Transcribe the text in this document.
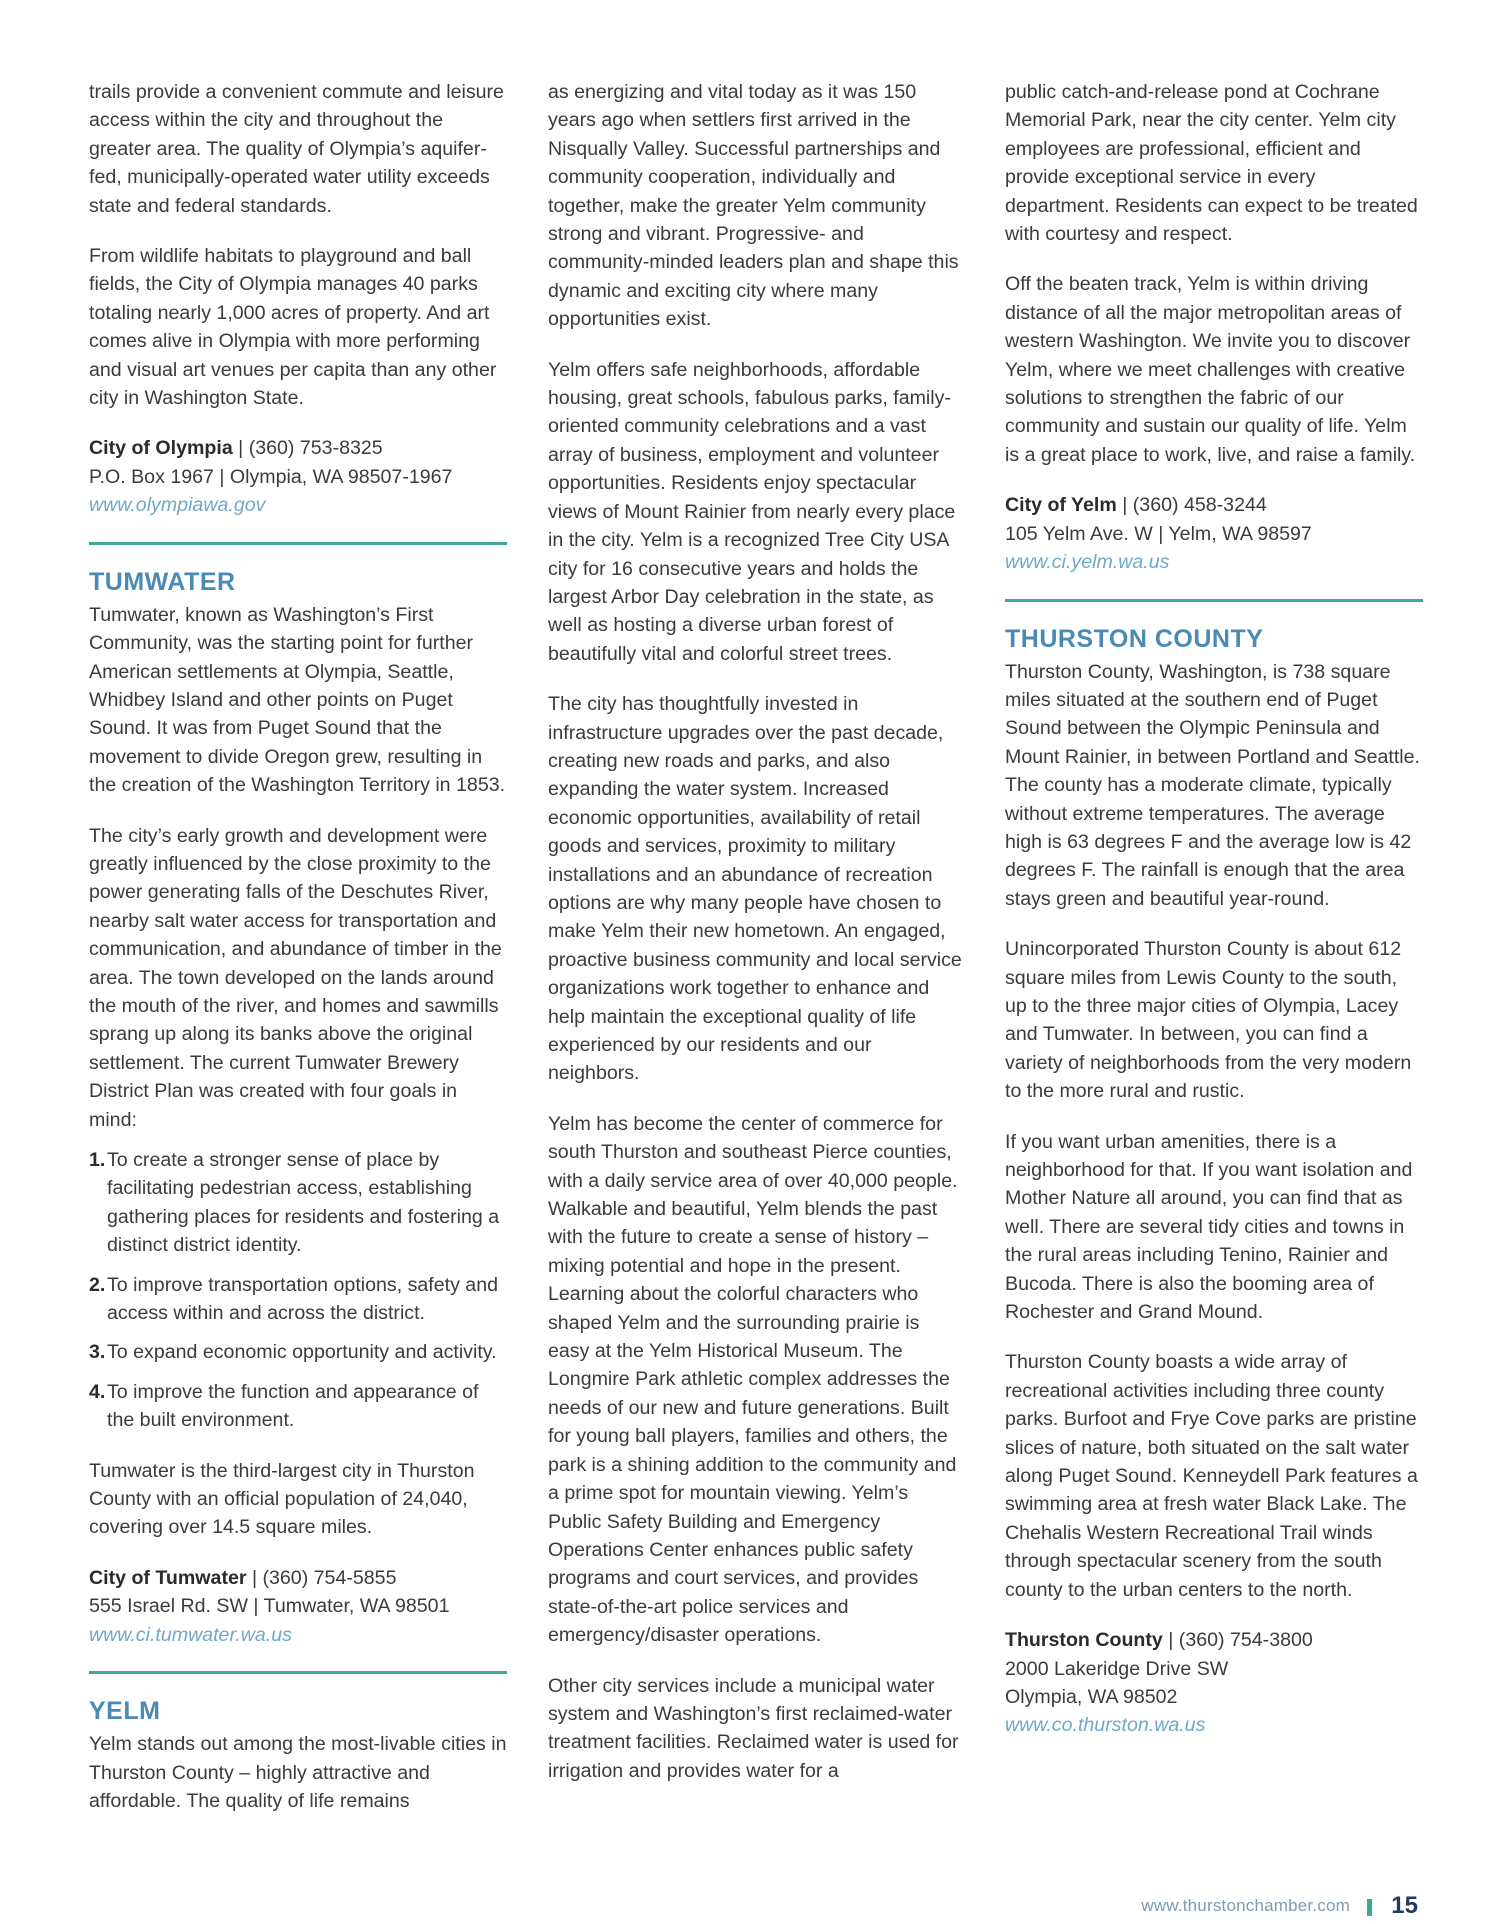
trails provide a convenient commute and leisure access within the city and throughout the greater area. The quality of Olympia’s aquifer-fed, municipally-operated water utility exceeds state and federal standards.

From wildlife habitats to playground and ball fields, the City of Olympia manages 40 parks totaling nearly 1,000 acres of property. And art comes alive in Olympia with more performing and visual art venues per capita than any other city in Washington State.

City of Olympia | (360) 753-8325
P.O. Box 1967 | Olympia, WA 98507-1967
www.olympiawa.gov
TUMWATER

Tumwater, known as Washington’s First Community, was the starting point for further American settlements at Olympia, Seattle, Whidbey Island and other points on Puget Sound. It was from Puget Sound that the movement to divide Oregon grew, resulting in the creation of the Washington Territory in 1853.

The city’s early growth and development were greatly influenced by the close proximity to the power generating falls of the Deschutes River, nearby salt water access for transportation and communication, and abundance of timber in the area. The town developed on the lands around the mouth of the river, and homes and sawmills sprang up along its banks above the original settlement. The current Tumwater Brewery District Plan was created with four goals in mind:

1. To create a stronger sense of place by facilitating pedestrian access, establishing gathering places for residents and fostering a distinct district identity.
2. To improve transportation options, safety and access within and across the district.
3. To expand economic opportunity and activity.
4. To improve the function and appearance of the built environment.

Tumwater is the third-largest city in Thurston County with an official population of 24,040, covering over 14.5 square miles.

City of Tumwater | (360) 754-5855
555 Israel Rd. SW | Tumwater, WA 98501
www.ci.tumwater.wa.us
YELM

Yelm stands out among the most-livable cities in Thurston County – highly attractive and affordable. The quality of life remains

as energizing and vital today as it was 150 years ago when settlers first arrived in the Nisqually Valley. Successful partnerships and community cooperation, individually and together, make the greater Yelm community strong and vibrant. Progressive- and community-minded leaders plan and shape this dynamic and exciting city where many opportunities exist.

Yelm offers safe neighborhoods, affordable housing, great schools, fabulous parks, family-oriented community celebrations and a vast array of business, employment and volunteer opportunities. Residents enjoy spectacular views of Mount Rainier from nearly every place in the city. Yelm is a recognized Tree City USA city for 16 consecutive years and holds the largest Arbor Day celebration in the state, as well as hosting a diverse urban forest of beautifully vital and colorful street trees.

The city has thoughtfully invested in infrastructure upgrades over the past decade, creating new roads and parks, and also expanding the water system. Increased economic opportunities, availability of retail goods and services, proximity to military installations and an abundance of recreation options are why many people have chosen to make Yelm their new hometown. An engaged, proactive business community and local service organizations work together to enhance and help maintain the exceptional quality of life experienced by our residents and our neighbors.

Yelm has become the center of commerce for south Thurston and southeast Pierce counties, with a daily service area of over 40,000 people. Walkable and beautiful, Yelm blends the past with the future to create a sense of history – mixing potential and hope in the present. Learning about the colorful characters who shaped Yelm and the surrounding prairie is easy at the Yelm Historical Museum. The Longmire Park athletic complex addresses the needs of our new and future generations. Built for young ball players, families and others, the park is a shining addition to the community and a prime spot for mountain viewing. Yelm’s Public Safety Building and Emergency Operations Center enhances public safety programs and court services, and provides state-of-the-art police services and emergency/disaster operations.

Other city services include a municipal water system and Washington’s first reclaimed-water treatment facilities. Reclaimed water is used for irrigation and provides water for a

public catch-and-release pond at Cochrane Memorial Park, near the city center. Yelm city employees are professional, efficient and provide exceptional service in every department. Residents can expect to be treated with courtesy and respect.

Off the beaten track, Yelm is within driving distance of all the major metropolitan areas of western Washington. We invite you to discover Yelm, where we meet challenges with creative solutions to strengthen the fabric of our community and sustain our quality of life. Yelm is a great place to work, live, and raise a family.

City of Yelm | (360) 458-3244
105 Yelm Ave. W | Yelm, WA 98597
www.ci.yelm.wa.us
THURSTON COUNTY

Thurston County, Washington, is 738 square miles situated at the southern end of Puget Sound between the Olympic Peninsula and Mount Rainier, in between Portland and Seattle. The county has a moderate climate, typically without extreme temperatures. The average high is 63 degrees F and the average low is 42 degrees F. The rainfall is enough that the area stays green and beautiful year-round.

Unincorporated Thurston County is about 612 square miles from Lewis County to the south, up to the three major cities of Olympia, Lacey and Tumwater. In between, you can find a variety of neighborhoods from the very modern to the more rural and rustic.

If you want urban amenities, there is a neighborhood for that. If you want isolation and Mother Nature all around, you can find that as well. There are several tidy cities and towns in the rural areas including Tenino, Rainier and Bucoda. There is also the booming area of Rochester and Grand Mound.

Thurston County boasts a wide array of recreational activities including three county parks. Burfoot and Frye Cove parks are pristine slices of nature, both situated on the salt water along Puget Sound. Kenneydell Park features a swimming area at fresh water Black Lake. The Chehalis Western Recreational Trail winds through spectacular scenery from the south county to the urban centers to the north.

Thurston County | (360) 754-3800
2000 Lakeridge Drive SW
Olympia, WA 98502
www.co.thurston.wa.us
www.thurstonchamber.com 15
